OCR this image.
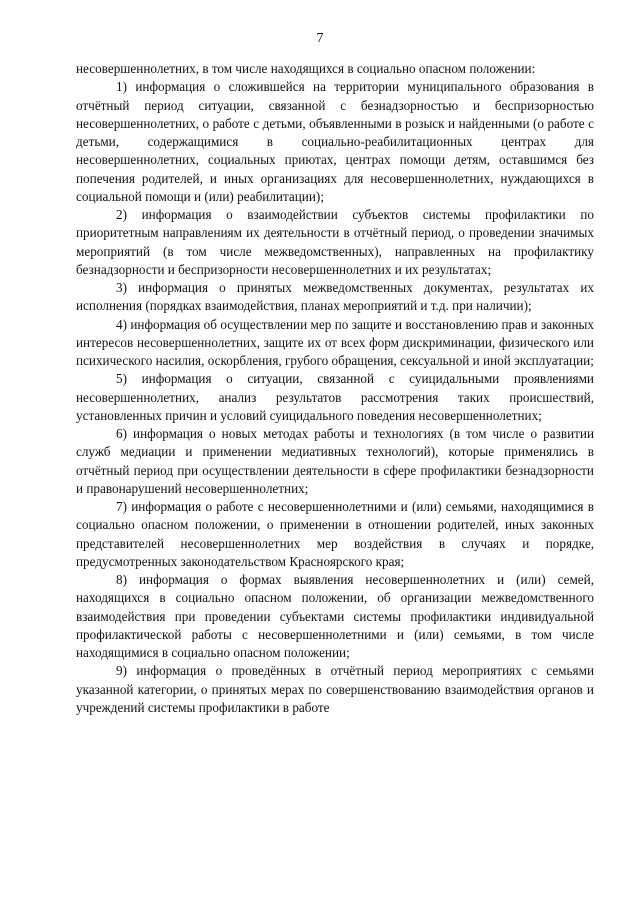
7

несовершеннолетних, в том числе находящихся в социально опасном положении:

1) информация о сложившейся на территории муниципального образования в отчётный период ситуации, связанной с безнадзорностью и беспризорностью несовершеннолетних, о работе с детьми, объявленными в розыск и найденными (о работе с детьми, содержащимися в социально-реабилитационных центрах для несовершеннолетних, социальных приютах, центрах помощи детям, оставшимся без попечения родителей, и иных организациях для несовершеннолетних, нуждающихся в социальной помощи и (или) реабилитации);

2) информация о взаимодействии субъектов системы профилактики по приоритетным направлениям их деятельности в отчётный период, о проведении значимых мероприятий (в том числе межведомственных), направленных на профилактику безнадзорности и беспризорности несовершеннолетних и их результатах;

3) информация о принятых межведомственных документах, результатах их исполнения (порядках взаимодействия, планах мероприятий и т.д. при наличии);

4) информация об осуществлении мер по защите и восстановлению прав и законных интересов несовершеннолетних, защите их от всех форм дискриминации, физического или психического насилия, оскорбления, грубого обращения, сексуальной и иной эксплуатации;

5) информация о ситуации, связанной с суицидальными проявлениями несовершеннолетних, анализ результатов рассмотрения таких происшествий, установленных причин и условий суицидального поведения несовершеннолетних;

6) информация о новых методах работы и технологиях (в том числе о развитии служб медиации и применении медиативных технологий), которые применялись в отчётный период при осуществлении деятельности в сфере профилактики безнадзорности и правонарушений несовершеннолетних;

7) информация о работе с несовершеннолетними и (или) семьями, находящимися в социально опасном положении, о применении в отношении родителей, иных законных представителей несовершеннолетних мер воздействия в случаях и порядке, предусмотренных законодательством Красноярского края;

8) информация о формах выявления несовершеннолетних и (или) семей, находящихся в социально опасном положении, об организации межведомственного взаимодействия при проведении субъектами системы профилактики индивидуальной профилактической работы с несовершеннолетними и (или) семьями, в том числе находящимися в социально опасном положении;

9) информация о проведённых в отчётный период мероприятиях с семьями указанной категории, о принятых мерах по совершенствованию взаимодействия органов и учреждений системы профилактики в работе
